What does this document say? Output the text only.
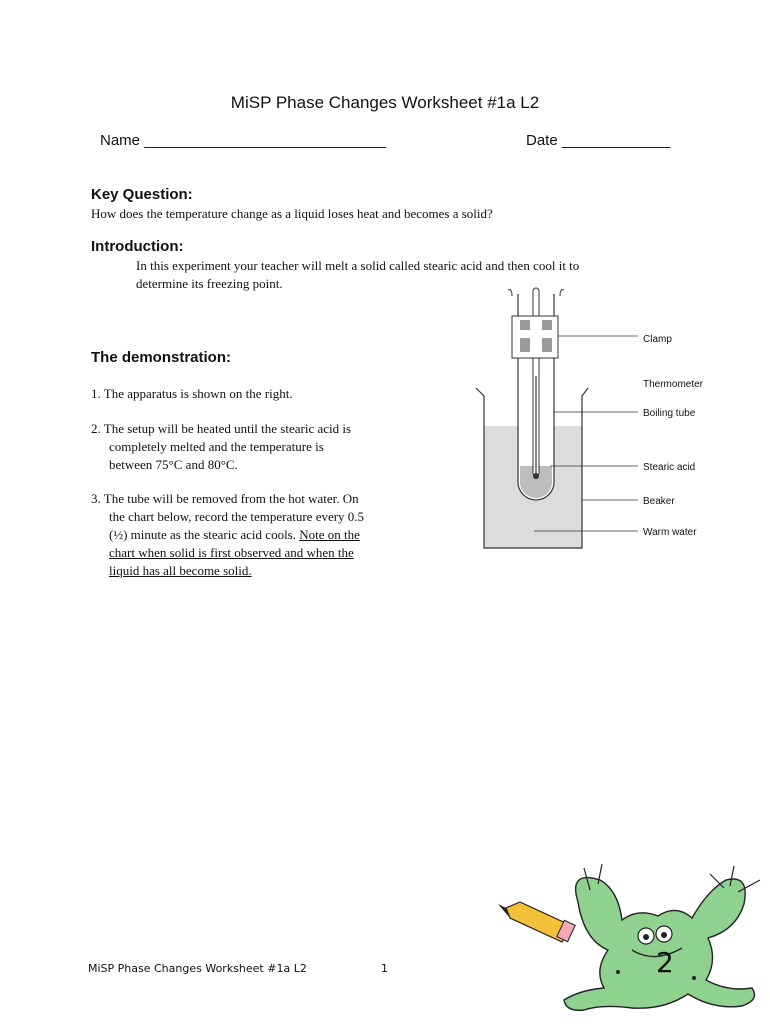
MiSP Phase Changes Worksheet #1a L2
Name _____________________________	Date _____________
Key Question:
How does the temperature change as a liquid loses heat and becomes a solid?
Introduction:
In this experiment your teacher will melt a solid called stearic acid and then cool it to
determine its freezing point.
The demonstration:
1. The apparatus is shown on the right.
2. The setup will be heated until the stearic acid is
completely melted and the temperature is
between 75°C and 80°C.
3. The tube will be removed from the hot water. On
the chart below, record the temperature every 0.5
(½) minute as the stearic acid cools. Note on the
chart when solid is first observed and when the
liquid has all become solid.
Clamp
Thermometer
Boiling tube
Stearic acid
Beaker
Warm water
2
MiSP Phase Changes Worksheet #1a L2	1
